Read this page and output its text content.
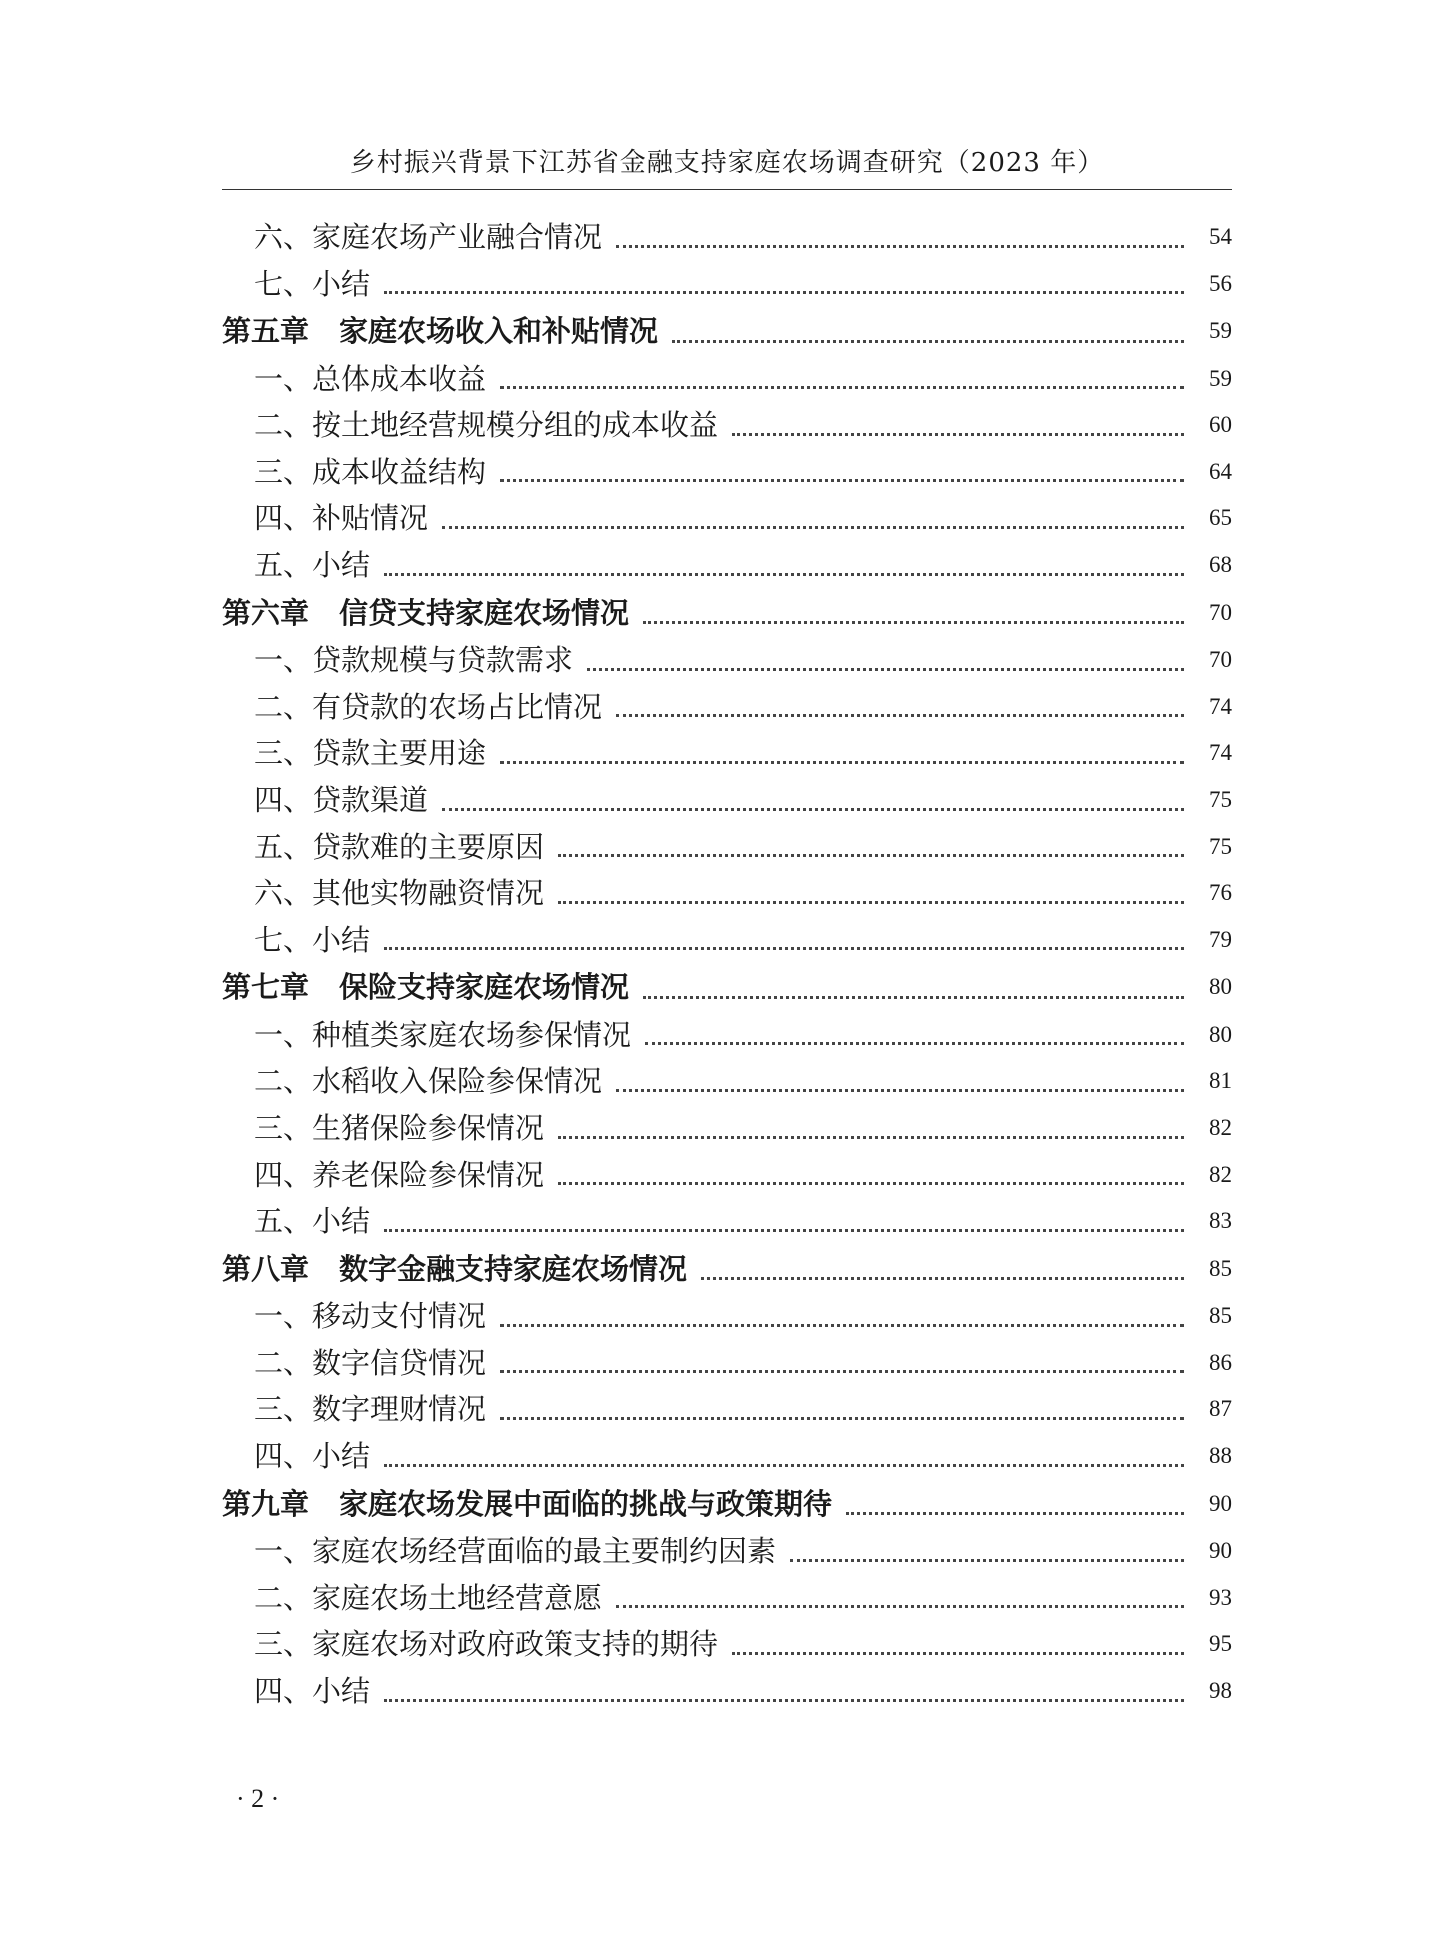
乡村振兴背景下江苏省金融支持家庭农场调查研究（2023 年）
六、家庭农场产业融合情况	54
七、小结	56
第五章 家庭农场收入和补贴情况	59
一、总体成本收益	59
二、按土地经营规模分组的成本收益	60
三、成本收益结构	64
四、补贴情况	65
五、小结	68
第六章 信贷支持家庭农场情况	70
一、贷款规模与贷款需求	70
二、有贷款的农场占比情况	74
三、贷款主要用途	74
四、贷款渠道	75
五、贷款难的主要原因	75
六、其他实物融资情况	76
七、小结	79
第七章 保险支持家庭农场情况	80
一、种植类家庭农场参保情况	80
二、水稻收入保险参保情况	81
三、生猪保险参保情况	82
四、养老保险参保情况	82
五、小结	83
第八章 数字金融支持家庭农场情况	85
一、移动支付情况	85
二、数字信贷情况	86
三、数字理财情况	87
四、小结	88
第九章 家庭农场发展中面临的挑战与政策期待	90
一、家庭农场经营面临的最主要制约因素	90
二、家庭农场土地经营意愿	93
三、家庭农场对政府政策支持的期待	95
四、小结	98
· 2 ·
